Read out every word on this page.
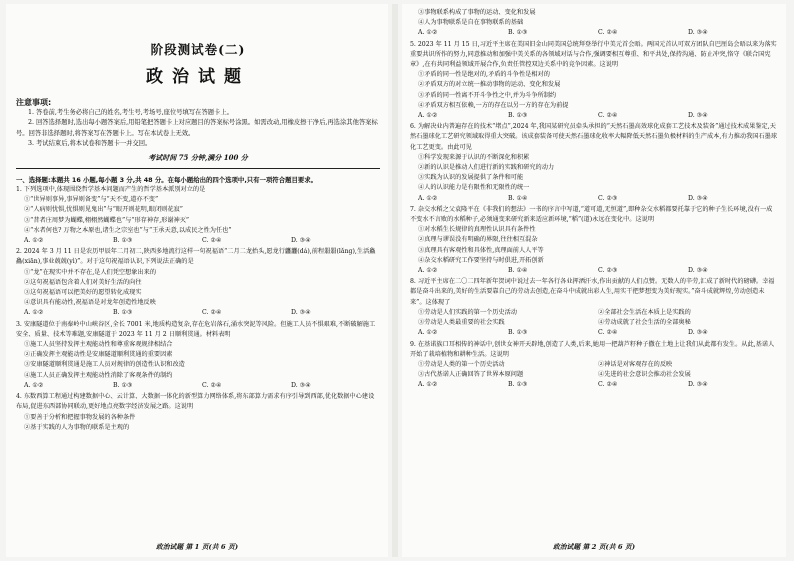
阶段测试卷(二)
政治试题
注意事项:
1. 答卷前,考生务必将自己的姓名,考生号,考场号,座位号填写在答题卡上。
2. 回答选择题时,选出每小题答案后,用铅笔把答题卡上对应题目的答案标号涂黑。如需改动,用橡皮擦干净后,再选涂其他答案标号。回答非选择题时,将答案写在答题卡上。写在本试卷上无效。
3. 考试结束后,将本试卷和答题卡一并交回。
考试时间 75 分钟,满分 100 分
一、选择题:本题共 16 小题,每小题 3 分,共 48 分。在每小题给出的四个选项中,只有一项符合题目要求。
1. 下列选项中,体现围绕哲学基本问题而产生的哲学基本派别对立的是
①“世异则事异,事异则备变”与“天不变,道亦不变”
②“人病则忧惧,忧惧则见鬼出”与“眼开则花明,眼闭则花寂”
③“昔者庄周梦为蝴蝶,栩栩然蝴蝶也”与“形存神存,形谢神灭”
④“水者何也? 万物之本原也,诸生之宗室也”与“王承天意,以成民之性为任也”
A. ①②	B. ①③	C. ②④	D. ③④
2. 2024 年 3 月 11 日是农历甲辰年二月初二,陕西多地流行这样一句祝福语“二月二龙抬头,愿龙行龘龘(dá),前程朤朤(lǎng),生活鱻鱻(xiān),事业兢兢(yì)”。对于这句祝福语认识,下列说法正确的是
①“龙”在现实中并不存在,是人们凭空想象出来的
②这句祝福语包含着人们对美好生活的向往
③这句祝福语可以把美好的愿望转化成现实
④意识具有能动性,祝福语是对龙年创造性地反映
A. ①②	B. ①③	C. ②④	D. ③④
3. 安康隧道位于南秦岭中山峡谷区,全长 7001 米,地质构造复杂,存在危岩落石,涌水突泥等风险。但施工人员不惧艰难,不断破解施工安全、质量、技术等难题,安康隧道于 2023 年 11 月 2 日顺利贯通。材料表明
①施工人员坚持发挥主观能动性和尊重客观规律相结合
②正确发挥主观能动性是安康隧道顺利贯通的重要因素
③安康隧道顺利贯通是施工人员对规律的创造性认识和改造
④施工人员正确发挥主观能动性消除了客观条件的制约
A. ①②	B. ①③	C. ②④	D. ③④
4. 东数西算工程通过构建数据中心、云计算、大数据一体化的新型算力网络体系,将东部算力需求有序引导到西部,优化数据中心建设布局,促进东西部协同联动,更好地点亮数字经济发展之路。这说明
①要善于分析和把握事物发展的各种条件
②基于实践的人为事物的联系是主观的
政治试题 第 1 页(共 6 页)
③事物联系构成了事物的运动、变化和发展
④人为事物联系是自在事物联系的基础
A. ①②	B. ①③	C. ②④	D. ③④
5. 2023 年 11 月 15 日,习近平主席在美国旧金山同美国总统拜登举行中美元首会晤。两国元首认可双方团队自巴厘岛会晤以来为落实重要共识所作的努力,同意推动和加强中美关系的各领域对话与合作,强调要相互尊重、和平共处,保持沟通、防止冲突,恪守《联合国宪章》,在有共同利益领域开展合作,负责任管控双边关系中的竞争因素。这说明
①矛盾的同一性是绝对的,矛盾的斗争性是相对的
②矛盾双方的对立统一推动事物的运动、变化和发展
③矛盾的同一性离不开斗争性之中,并为斗争所制约
④矛盾双方相互依赖,一方的存在以另一方的存在为前提
A. ①②	B. ①③	C. ②④	D. ③④
6. 为解决业内普遍存在的技术“堵点”,2024 年,我国某研究员牵头承担的“天然石墨高效球化成套工艺技术及装备”通过技术成果鉴定,天然石墨球化工艺研究领域取得重大突破。该成套装备可使天然石墨球化收率大幅降低天然石墨负极材料的生产成本,有力推动我国石墨球化工艺更变。由此可见
①科学发现来源于认识的不断深化和积累
②新的认识是推动人们进行新的实践和研究的动力
③实践为认识的发展提供了条件和可能
④人的认识能力是有限性和无限性的统一
A. ①②	B. ①④	C. ②③	D. ③④
7. 杂交水稻之父袁隆平在《非我们的想法》一书的序言中写道,“道可道,无恒道”,即种杂交水稻都要托靠于它的种子生长环境,没有一成不变水不言败的水稻种子,必须通变来研究新来适应新环境,“稻”(道)永远在变化中。这说明
①对水稻生长规律的真理性认识具有条件性
②真理与谬误没有明确的界限,往往相互混杂
③真理具有客观性和具体性,真理面前人人平等
④杂交水稻研究工作要坚持与时俱进,开拓创新
A. ①②	B. ①④	C. ②③	D. ③④
8. 习近平主席在二〇二四年新年贺词中说过去一年各行各业挥洒汗水,作出贡献的人们点赞。无数人的辛劳,汇成了新时代的磅礴。幸福都是奋斗出来的,美好的生活要靠自己的劳动去创造,在奋斗中成就出彩人生,用实干把梦想变为美好现实。”奋斗成就辉煌,劳动创造未来”。这体现了
①劳动是人们实践的第一个历史活动	②全部社会生活在本质上是实践的
③劳动是人类最重要的社会实践	④劳动成就了社会生活的全部奥秘
A. ①②	B. ①③	C. ②④	D. ③④
9. 在基诺族口耳相传的神话中,创世女神开天辟地,创造了人类,后来,她用一把葫芦籽种子撒在土地上让我们从此都有发生。从此,基诺人开始了栽培植物和耕种生活。这说明
①劳动是人类的第一个历史活动	②神话是对客观存在的反映
③古代基诺人正确回答了世界本原问题	④先进的社会意识会推动社会发展
A. ①②	B. ①③	C. ②④	D. ③④
政治试题 第 2 页(共 6 页)
